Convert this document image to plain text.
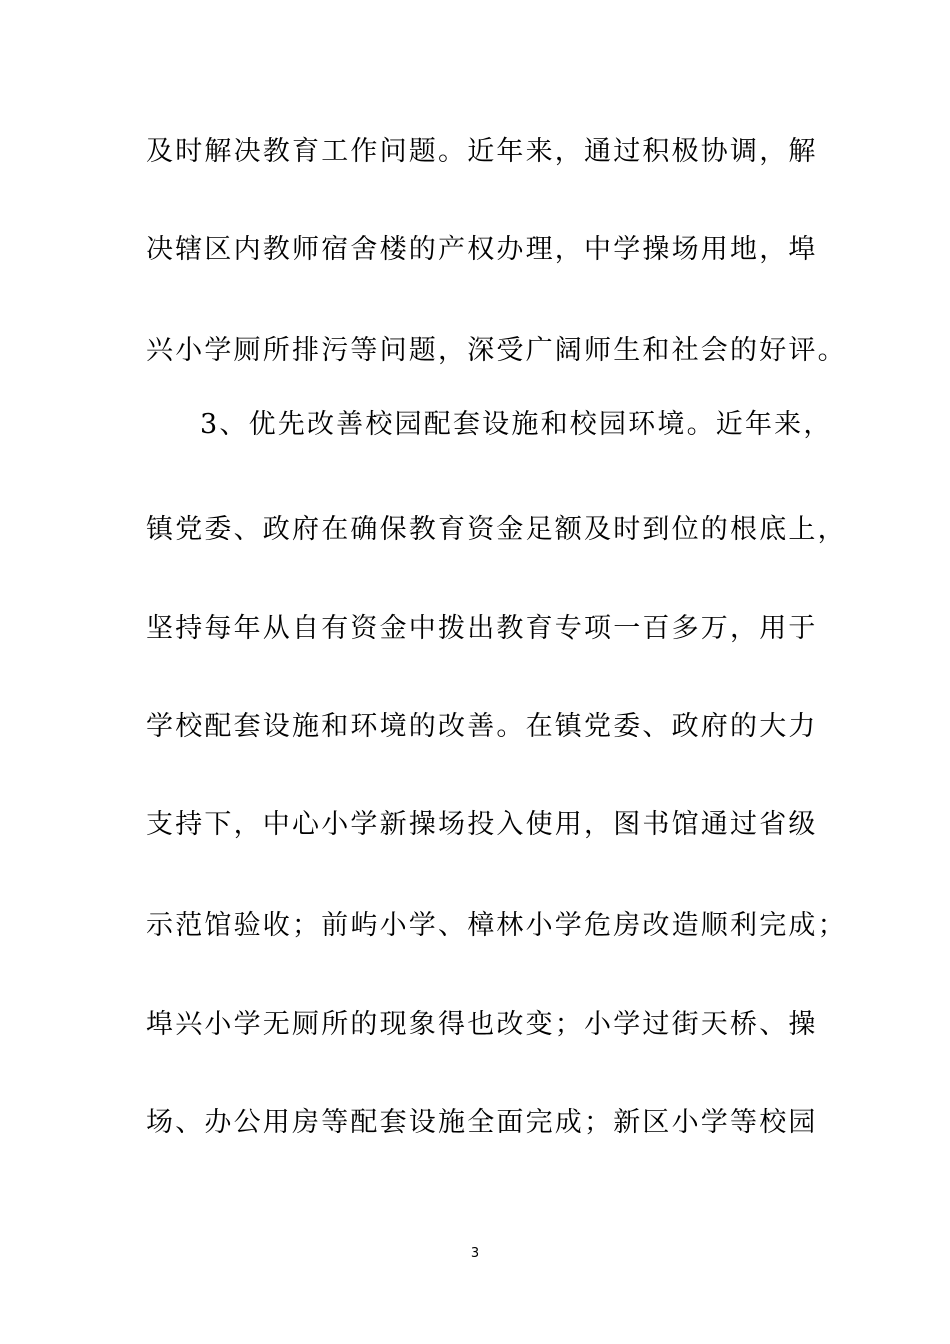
及时解决教育工作问题。近年来，通过积极协调，解
决辖区内教师宿舍楼的产权办理，中学操场用地，埠
兴小学厕所排污等问题，深受广阔师生和社会的好评。
3、优先改善校园配套设施和校园环境。近年来，
镇党委、政府在确保教育资金足额及时到位的根底上，
坚持每年从自有资金中拨出教育专项一百多万，用于
学校配套设施和环境的改善。在镇党委、政府的大力
支持下，中心小学新操场投入使用，图书馆通过省级
示范馆验收；前屿小学、樟林小学危房改造顺利完成；
埠兴小学无厕所的现象得也改变；小学过街天桥、操
场、办公用房等配套设施全面完成；新区小学等校园
3
